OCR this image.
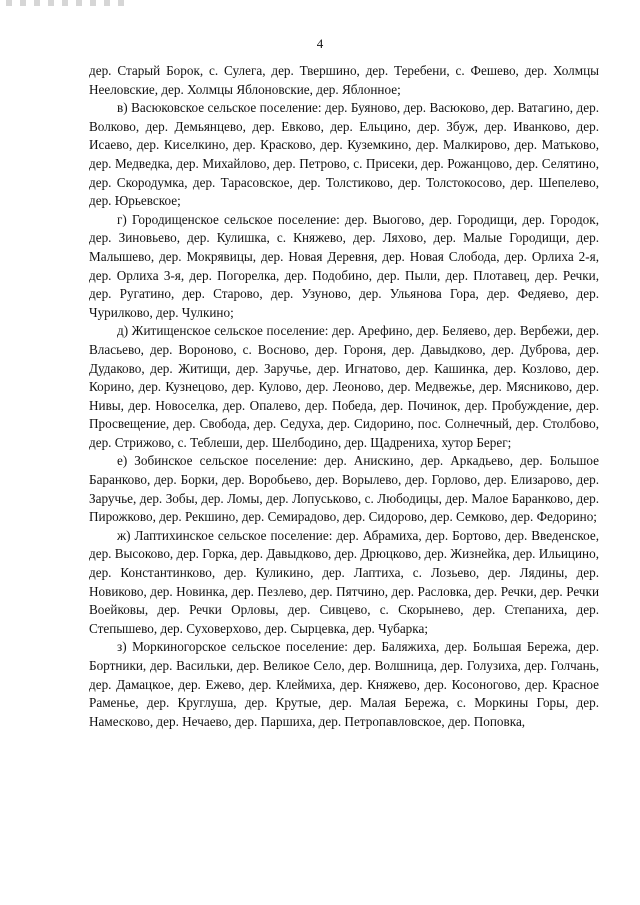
4

дер. Старый Борок, с. Сулега, дер. Твершино, дер. Теребени, с. Фешево, дер. Холмцы Нееловские, дер. Холмцы Яблоновские, дер. Яблонное;

в) Васюковское сельское поселение: дер. Буяново, дер. Васюково, дер. Ватагино, дер. Волково, дер. Демьянцево, дер. Евково, дер. Ельцино, дер. Збуж, дер. Иванково, дер. Исаево, дер. Киселкино, дер. Красково, дер. Куземкино, дер. Малкирово, дер. Матьково, дер. Медведка, дер. Михайлово, дер. Петрово, с. Присеки, дер. Рожанцово, дер. Селятино, дер. Скородумка, дер. Тарасовское, дер. Толстиково, дер. Толстокосово, дер. Шепелево, дер. Юрьевское;

г) Городищенское сельское поселение: дер. Выогово, дер. Городищи, дер. Городок, дер. Зиновьево, дер. Кулишка, с. Княжево, дер. Ляхово, дер. Малые Городищи, дер. Малышево, дер. Мокрявицы, дер. Новая Деревня, дер. Новая Слобода, дер. Орлиха 2-я, дер. Орлиха 3-я, дер. Погорелка, дер. Подобино, дер. Пыли, дер. Плотавец, дер. Речки, дер. Ругатино, дер. Старово, дер. Узуново, дер. Ульянова Гора, дер. Федяево, дер. Чурилково, дер. Чулкино;

д) Житищенское сельское поселение: дер. Арефино, дер. Беляево, дер. Вербежи, дер. Власьево, дер. Вороново, с. Восново, дер. Гороня, дер. Давыдково, дер. Дуброва, дер. Дудаково, дер. Житищи, дер. Заручье, дер. Игнатово, дер. Кашинка, дер. Козлово, дер. Корино, дер. Кузнецово, дер. Кулово, дер. Леоново, дер. Медвежье, дер. Мясниково, дер. Нивы, дер. Новоселка, дер. Опалево, дер. Победа, дер. Починок, дер. Пробуждение, дер. Просвещение, дер. Свобода, дер. Седуха, дер. Сидорино, пос. Солнечный, дер. Столбово, дер. Стрижово, с. Теблеши, дер. Шелбодино, дер. Щадрениха, хутор Берег;

е) Зобинское сельское поселение: дер. Анискино, дер. Аркадьево, дер. Большое Баранково, дер. Борки, дер. Воробьево, дер. Ворылево, дер. Горлово, дер. Елизарово, дер. Заручье, дер. Зобы, дер. Ломы, дер. Лопуськово, с. Любодицы, дер. Малое Баранково, дер. Пирожково, дер. Рекшино, дер. Семирадово, дер. Сидорово, дер. Семково, дер. Федорино;

ж) Лаптихинское сельское поселение: дер. Абрамиха, дер. Бортово, дер. Введенское, дер. Высоково, дер. Горка, дер. Давыдково, дер. Дрюцково, дер. Жизнейка, дер. Ильицино, дер. Константинково, дер. Куликино, дер. Лаптиха, с. Лозьево, дер. Лядины, дер. Новиково, дер. Новинка, дер. Пезлево, дер. Пятчино, дер. Расловка, дер. Речки, дер. Речки Воейковы, дер. Речки Орловы, дер. Сивцево, с. Скорынево, дер. Степаниха, дер. Степышево, дер. Суховерхово, дер. Сырцевка, дер. Чубарка;

з) Моркиногорское сельское поселение: дер. Баляжиха, дер. Большая Бережа, дер. Бортники, дер. Васильки, дер. Великое Село, дер. Волшница, дер. Голузиха, дер. Голчань, дер. Дамацкое, дер. Ежево, дер. Клеймиха, дер. Княжево, дер. Косоногово, дер. Красное Раменье, дер. Круглуша, дер. Крутые, дер. Малая Бережа, с. Моркины Горы, дер. Намесково, дер. Нечаево, дер. Паршиха, дер. Петропавловское, дер. Поповка,
